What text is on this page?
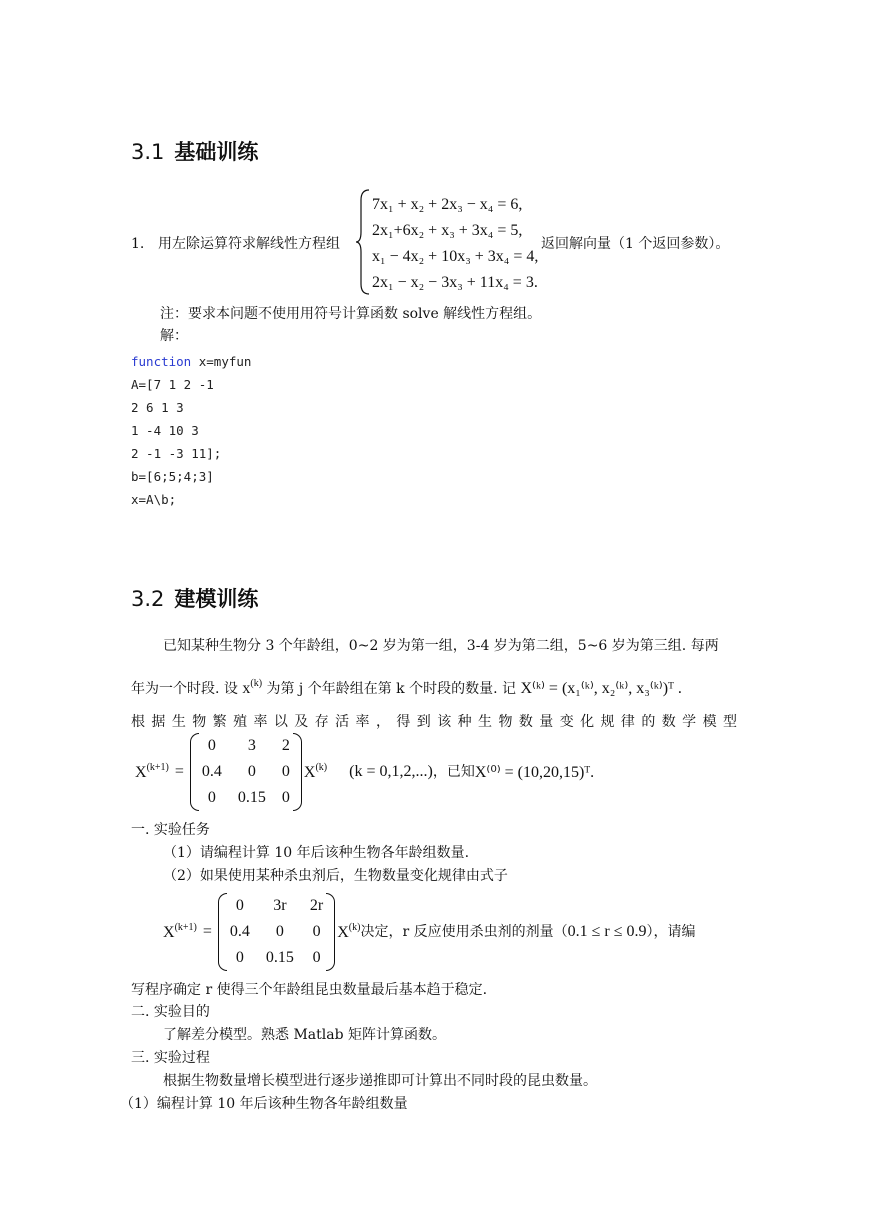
3.1 基础训练
1. 用左除运算符求解线性方程组
7x₁ + x₂ + 2x₃ − x₄ = 6,
2x₁+6x₂ + x₃ + 3x₄ = 5,
x₁ − 4x₂ + 10x₃ + 3x₄ = 4,
2x₁ − x₂ − 3x₃ + 11x₄ = 3.
返回解向量（1 个返回参数）。
注：要求本问题不使用用符号计算函数 solve 解线性方程组。
解：
function x=myfun
A=[7 1 2 -1
2 6 1 3
1 -4 10 3
2 -1 -3 11];
b=[6;5;4;3]
x=A\b;
3.2 建模训练
已知某种生物分 3 个年龄组，0~2 岁为第一组，3-4 岁为第二组，5~6 岁为第三组. 每两
年为一个时段. 设 $x^{(k)}$ 为第 j 个年龄组在第 k 个时段的数量. 记 X⁽ᵏ⁾ = (x₁⁽ᵏ⁾, x₂⁽ᵏ⁾, x₃⁽ᵏ⁾)ᵀ .
根据生物繁殖率以及存活率，得到该种生物数量变化规律的数学模型
$X^{(k+1)}$ =
0	3	2
0.4	0	0
0	0.15	0
$X^{(k)}$ (k = 0,1,2,...) ，已知 X⁽⁰⁾ = (10,20,15)ᵀ.
一. 实验任务
（1）请编程计算 10 年后该种生物各年龄组数量.
（2）如果使用某种杀虫剂后，生物数量变化规律由式子
$X^{(k+1)}$ =
0	3r	2r
0.4	0	0
0	0.15	0
$X^{(k)}$ 决定，r 反应使用杀虫剂的剂量（ 0.1 ≤ r ≤ 0.9 ），请编
写程序确定 r 使得三个年龄组昆虫数量最后基本趋于稳定.
二. 实验目的
了解差分模型。熟悉 Matlab 矩阵计算函数。
三. 实验过程
根据生物数量增长模型进行逐步递推即可计算出不同时段的昆虫数量。
（1）编程计算 10 年后该种生物各年龄组数量
